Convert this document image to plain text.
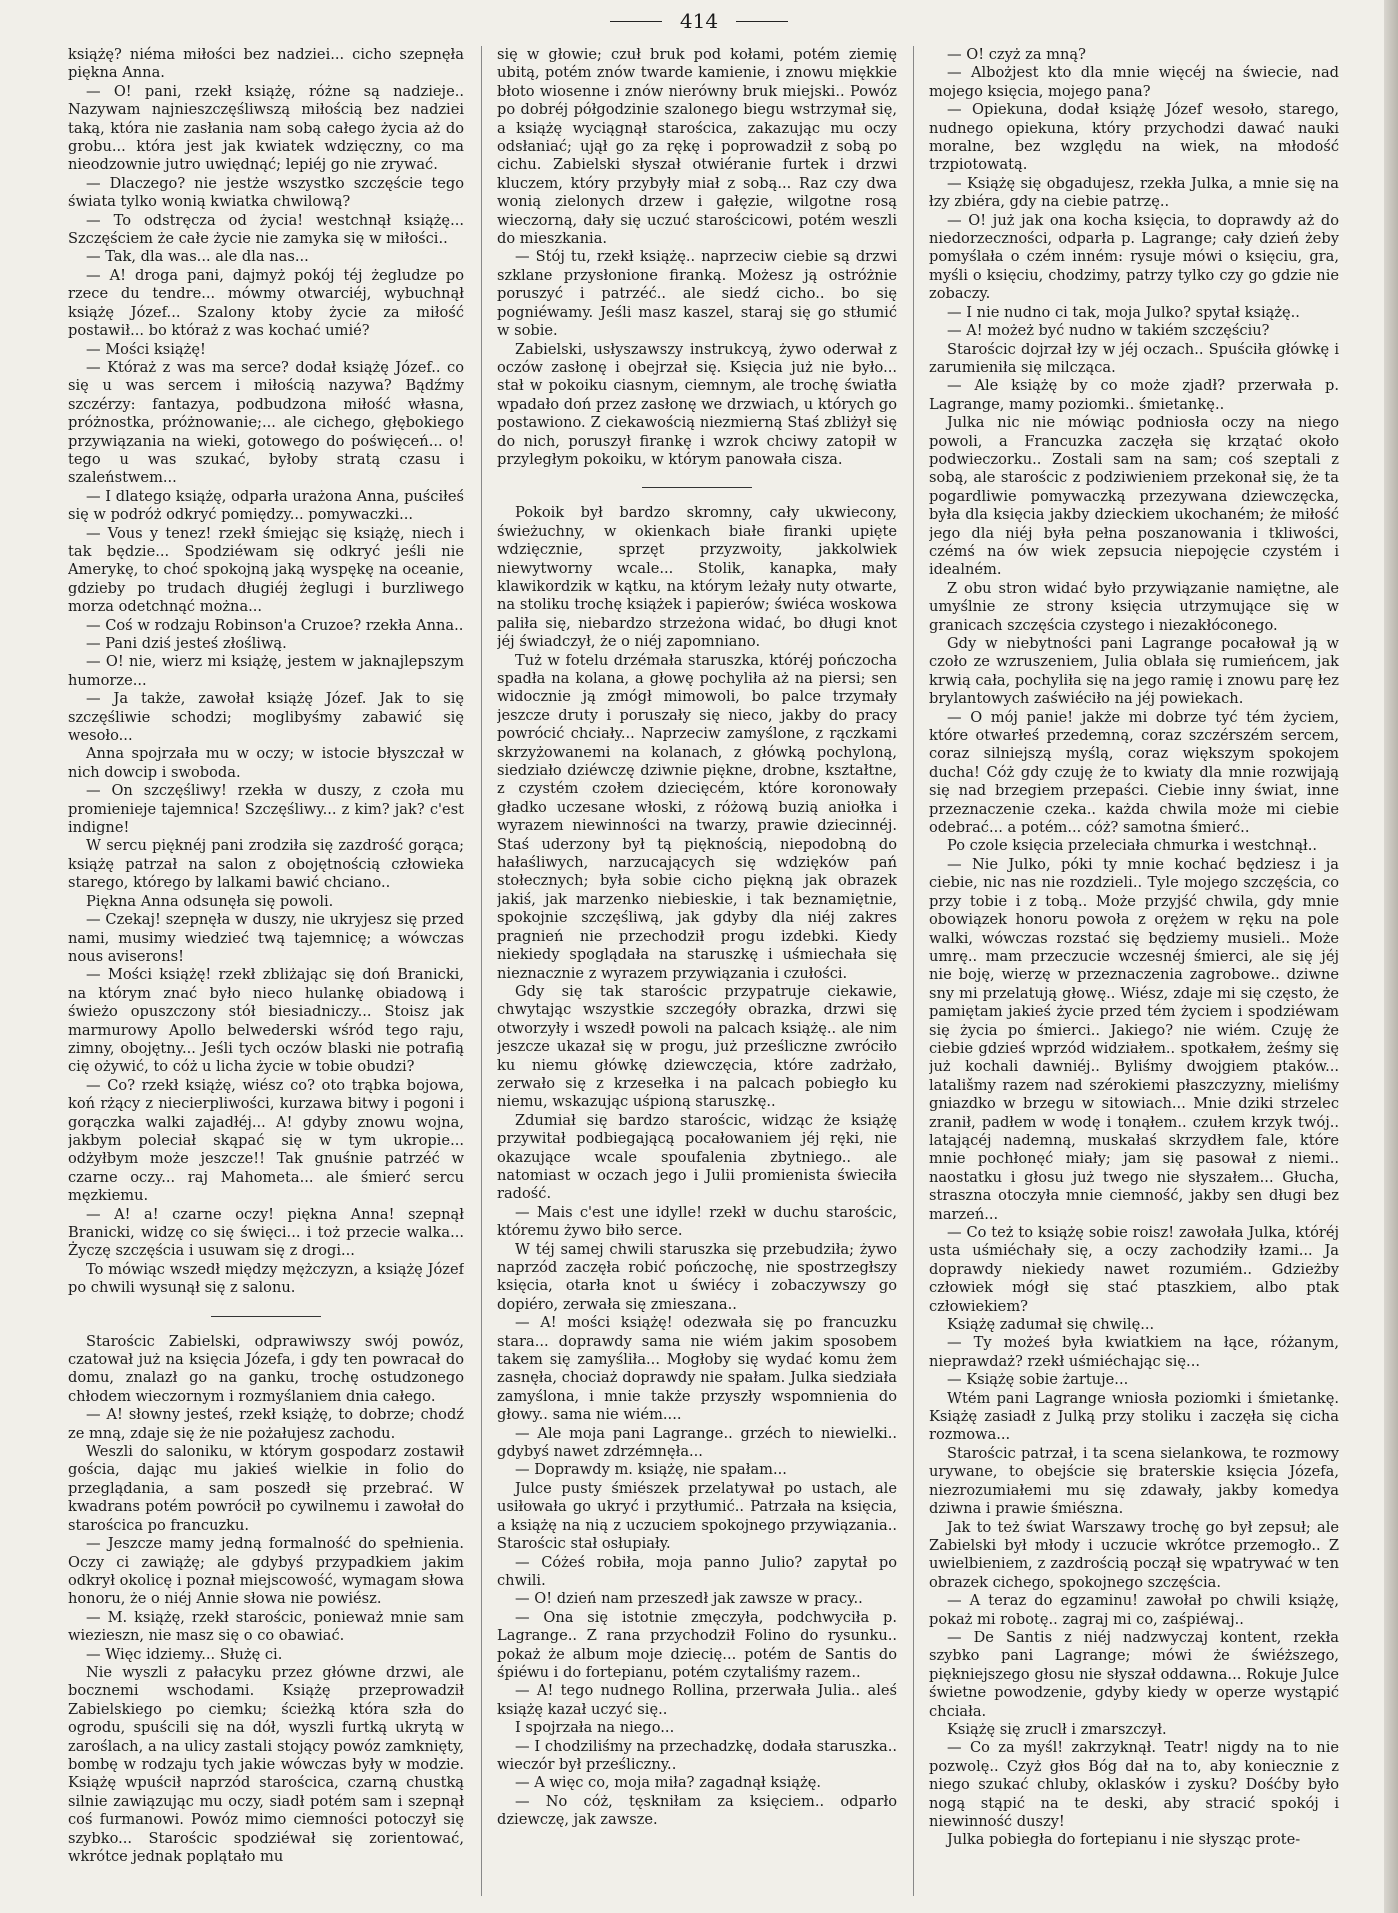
414

książę? niéma miłości bez nadziei... cicho szepnęła piękna Anna.

— O! pani, rzekł książę, różne są nadzieje.. Nazywam najnieszczęśliwszą miłością bez nadziei taką, która nie zasłania nam sobą całego życia aż do grobu... która jest jak kwiatek wdzięczny, co ma nieodzownie jutro uwiędnąć; lepiéj go nie zrywać.

— Dlaczego? nie jestże wszystko szczęście tego świata tylko wonią kwiatka chwilową?

— To odstręcza od życia! westchnął książę... Szczęściem że całe życie nie zamyka się w miłości..

— Tak, dla was... ale dla nas...

— A! droga pani, dajmyż pokój téj żegludze po rzece du tendre... mówmy otwarciéj, wybuchnął książę Józef... Szalony ktoby życie za miłość postawił... bo któraż z was kochać umié?

— Mości książę!

— Któraż z was ma serce? dodał książę Józef.. co się u was sercem i miłością nazywa? Bądźmy szczérzy: fantazya, podbudzona miłość własna, próżnostka, próżnowanie;... ale cichego, głębokiego przywiązania na wieki, gotowego do poświęceń... o! tego u was szukać, byłoby stratą czasu i szaleństwem...

— I dlatego książę, odparła urażona Anna, puściłeś się w podróż odkryć pomiędzy... pomywaczki...

— Vous y tenez! rzekł śmiejąc się książę, niech i tak będzie... Spodziéwam się odkryć jeśli nie Amerykę, to choć spokojną jaką wyspękę na oceanie, gdzieby po trudach długiéj żeglugi i burzliwego morza odetchnąć można...

— Coś w rodzaju Robinson'a Cruzoe? rzekła Anna..

— Pani dziś jesteś złośliwą.

— O! nie, wierz mi książę, jestem w jaknajlepszym humorze...

— Ja także, zawołał książę Józef. Jak to się szczęśliwie schodzi; moglibyśmy zabawić się wesoło...

Anna spojrzała mu w oczy; w istocie błyszczał w nich dowcip i swoboda.

— On szczęśliwy! rzekła w duszy, z czoła mu promienieje tajemnica! Szczęśliwy... z kim? jak? c'est indigne!

W sercu pięknéj pani zrodziła się zazdrość gorąca; książę patrzał na salon z obojętnością człowieka starego, którego by lalkami bawić chciano..

Piękna Anna odsunęła się powoli.

— Czekaj! szepnęła w duszy, nie ukryjesz się przed nami, musimy wiedzieć twą tajemnicę; a wówczas nous aviserons!

— Mości książę! rzekł zbliżając się doń Branicki, na którym znać było nieco hulankę obiadową i świeżo opuszczony stół biesiadniczy... Stoisz jak marmurowy Apollo belwederski wśród tego raju, zimny, obojętny... Jeśli tych oczów blaski nie potrafią cię ożywić, to cóż u licha życie w tobie obudzi?

— Co? rzekł książę, wiész co? oto trąbka bojowa, koń rżący z niecierpliwości, kurzawa bitwy i pogoni i gorączka walki zajadłéj... A! gdyby znowu wojna, jakbym poleciał skąpać się w tym ukropie... odżyłbym może jeszcze!! Tak gnuśnie patrzéć w czarne oczy... raj Mahometa... ale śmierć sercu męzkiemu.

— A! a! czarne oczy! piękna Anna! szepnął Branicki, widzę co się święci... i toż przecie walka... Życzę szczęścia i usuwam się z drogi...

To mówiąc wszedł między mężczyzn, a książę Józef po chwili wysunął się z salonu.

Starościc Zabielski, odprawiwszy swój powóz, czatował już na księcia Józefa, i gdy ten powracał do domu, znalazł go na ganku, trochę ostudzonego chłodem wieczornym i rozmyślaniem dnia całego.

— A! słowny jesteś, rzekł książę, to dobrze; chodź ze mną, zdaje się że nie pożałujesz zachodu.

Weszli do saloniku, w którym gospodarz zostawił gościa, dając mu jakieś wielkie in folio do przeglądania, a sam poszedł się przebrać. W kwadrans potém powrócił po cywilnemu i zawołał do starościca po francuzku.

— Jeszcze mamy jedną formalność do spełnienia. Oczy ci zawiążę; ale gdybyś przypadkiem jakim odkrył okolicę i poznał miejscowość, wymagam słowa honoru, że o niéj Annie słowa nie powiész.

— M. książę, rzekł starościc, ponieważ mnie sam wiezieszn, nie masz się o co obawiać.

— Więc idziemy... Służę ci.

Nie wyszli z pałacyku przez główne drzwi, ale bocznemi wschodami. Książę przeprowadził Zabielskiego po ciemku; ścieżką która szła do ogrodu, spuścili się na dół, wyszli furtką ukrytą w zaroślach, a na ulicy zastali stojący powóz zamknięty, bombę w rodzaju tych jakie wówczas były w modzie. Książę wpuścił naprzód starościca, czarną chustką silnie zawiązując mu oczy, siadł potém sam i szepnął coś furmanowi. Powóz mimo ciemności potoczył się szybko... Starościc spodziéwał się zorientować, wkrótce jednak poplątało mu

się w głowie; czuł bruk pod kołami, potém ziemię ubitą, potém znów twarde kamienie, i znowu miękkie błoto wiosenne i znów nierówny bruk miejski.. Powóz po dobréj półgodzinie szalonego biegu wstrzymał się, a książę wyciągnął starościca, zakazując mu oczy odsłaniać; ujął go za rękę i poprowadził z sobą po cichu. Zabielski słyszał otwiéranie furtek i drzwi kluczem, który przybyły miał z sobą... Raz czy dwa wonią zielonych drzew i gałęzie, wilgotne rosą wieczorną, dały się uczuć starościcowi, potém weszli do mieszkania.

— Stój tu, rzekł książę.. naprzeciw ciebie są drzwi szklane przysłonione firanką. Możesz ją ostróżnie poruszyć i patrzéć.. ale siedź cicho.. bo się pogniéwamy. Jeśli masz kaszel, staraj się go stłumić w sobie.

Zabielski, usłyszawszy instrukcyą, żywo oderwał z oczów zasłonę i obejrzał się. Księcia już nie było... stał w pokoiku ciasnym, ciemnym, ale trochę światła wpadało doń przez zasłonę we drzwiach, u których go postawiono. Z ciekawością niezmierną Staś zbliżył się do nich, poruszył firankę i wzrok chciwy zatopił w przyległym pokoiku, w którym panowała cisza.

Pokoik był bardzo skromny, cały ukwiecony, świeżuchny, w okienkach białe firanki upięte wdzięcznie, sprzęt przyzwoity, jakkolwiek niewytworny wcale... Stolik, kanapka, mały klawikordzik w kątku, na którym leżały nuty otwarte, na stoliku trochę książek i papierów; świéca woskowa paliła się, niebardzo strzeżona widać, bo długi knot jéj świadczył, że o niéj zapomniano.

Tuż w fotelu drzémała staruszka, któréj pończocha spadła na kolana, a głowę pochyliła aż na piersi; sen widocznie ją zmógł mimowoli, bo palce trzymały jeszcze druty i poruszały się nieco, jakby do pracy powrócić chciały... Naprzeciw zamyślone, z rączkami skrzyżowanemi na kolanach, z główką pochyloną, siedziało dziéwczę dziwnie piękne, drobne, kształtne, z czystém czołem dziecięcém, które koronowały gładko uczesane włoski, z różową buzią aniołka i wyrazem niewinności na twarzy, prawie dziecinnéj. Staś uderzony był tą pięknością, niepodobną do hałaśliwych, narzucających się wdzięków pań stołecznych; była sobie cicho piękną jak obrazek jakiś, jak marzenko niebieskie, i tak beznamiętnie, spokojnie szczęśliwą, jak gdyby dla niéj zakres pragnień nie przechodził progu izdebki. Kiedy niekiedy spoglądała na staruszkę i uśmiechała się nieznacznie z wyrazem przywiązania i czułości.

Gdy się tak starościc przypatruje ciekawie, chwytając wszystkie szczegóły obrazka, drzwi się otworzyły i wszedł powoli na palcach książę.. ale nim jeszcze ukazał się w progu, już prześliczne zwróciło ku niemu główkę dziewczęcia, które zadrżało, zerwało się z krzesełka i na palcach pobiegło ku niemu, wskazując uśpioną staruszkę..

Zdumiał się bardzo starościc, widząc że książę przywitał podbiegającą pocałowaniem jéj ręki, nie okazujące wcale spoufalenia zbytniego.. ale natomiast w oczach jego i Julii promienista świeciła radość.

— Mais c'est une idylle! rzekł w duchu starościc, któremu żywo biło serce.

W téj samej chwili staruszka się przebudziła; żywo naprzód zaczęła robić pończochę, nie spostrzegłszy księcia, otarła knot u świécy i zobaczywszy go dopiéro, zerwała się zmieszana..

— A! mości książę! odezwała się po francuzku stara... doprawdy sama nie wiém jakim sposobem takem się zamyśliła... Mogłoby się wydać komu żem zasnęła, chociaż doprawdy nie spałam. Julka siedziała zamyślona, i mnie także przyszły wspomnienia do głowy.. sama nie wiém....

— Ale moja pani Lagrange.. grzéch to niewielki.. gdybyś nawet zdrzémnęła...

— Doprawdy m. książę, nie spałam...

Julce pusty śmiészek przelatywał po ustach, ale usiłowała go ukryć i przytłumić.. Patrzała na księcia, a książę na nią z uczuciem spokojnego przywiązania.. Starościc stał osłupiały.

— Cóżeś robiła, moja panno Julio? zapytał po chwili.

— O! dzień nam przeszedł jak zawsze w pracy..

— Ona się istotnie zmęczyła, podchwyciła p. Lagrange.. Z rana przychodził Folino do rysunku.. pokaż że album moje dziecię... potém de Santis do śpiéwu i do fortepianu, potém czytaliśmy razem..

— A! tego nudnego Rollina, przerwała Julia.. aleś książę kazał uczyć się..

I spojrzała na niego...

— I chodziliśmy na przechadzkę, dodała staruszka.. wieczór był prześliczny..

— A więc co, moja miła? zagadnął książę.

— No cóż, tęskniłam za księciem.. odparło dziewczę, jak zawsze.

— O! czyż za mną?

— Albożjest kto dla mnie więcéj na świecie, nad mojego księcia, mojego pana?

— Opiekuna, dodał książę Józef wesoło, starego, nudnego opiekuna, który przychodzi dawać nauki moralne, bez względu na wiek, na młodość trzpiotowatą.

— Książę się obgadujesz, rzekła Julka, a mnie się na łzy zbiéra, gdy na ciebie patrzę..

— O! już jak ona kocha księcia, to doprawdy aż do niedorzeczności, odparła p. Lagrange; cały dzień żeby pomyślała o czém inném: rysuje mówi o księciu, gra, myśli o księciu, chodzimy, patrzy tylko czy go gdzie nie zobaczy.

— I nie nudno ci tak, moja Julko? spytał książę..

— A! możeż być nudno w takiém szczęściu?

Starościc dojrzał łzy w jéj oczach.. Spuściła główkę i zarumieniła się milcząca.

— Ale książę by co może zjadł? przerwała p. Lagrange, mamy poziomki.. śmietankę..

Julka nic nie mówiąc podniosła oczy na niego powoli, a Francuzka zaczęła się krzątać około podwieczorku.. Zostali sam na sam; coś szeptali z sobą, ale starościc z podziwieniem przekonał się, że ta pogardliwie pomywaczką przezywana dziewczęcka, była dla księcia jakby dzieckiem ukochaném; że miłość jego dla niéj była pełna poszanowania i tkliwości, czémś na ów wiek zepsucia niepojęcie czystém i idealném.

Z obu stron widać było przywiązanie namiętne, ale umyślnie ze strony księcia utrzymujące się w granicach szczęścia czystego i niezakłóconego.

Gdy w niebytności pani Lagrange pocałował ją w czoło ze wzruszeniem, Julia oblała się rumieńcem, jak krwią cała, pochyliła się na jego ramię i znowu parę łez brylantowych zaświéciło na jéj powiekach.

— O mój panie! jakże mi dobrze tyć tém życiem, które otwarłeś przedemną, coraz szczérszém sercem, coraz silniejszą myślą, coraz większym spokojem ducha! Cóż gdy czuję że to kwiaty dla mnie rozwijają się nad brzegiem przepaści. Ciebie inny świat, inne przeznaczenie czeka.. każda chwila może mi ciebie odebrać... a potém... cóż? samotna śmierć..

Po czole księcia przeleciała chmurka i westchnął..

— Nie Julko, póki ty mnie kochać będziesz i ja ciebie, nic nas nie rozdzieli.. Tyle mojego szczęścia, co przy tobie i z tobą.. Może przyjść chwila, gdy mnie obowiązek honoru powoła z orężem w ręku na pole walki, wówczas rozstać się będziemy musieli.. Może umrę.. mam przeczucie wczesnéj śmierci, ale się jéj nie boję, wierzę w przeznaczenia zagrobowe.. dziwne sny mi przelatują głowę.. Wiész, zdaje mi się często, że pamiętam jakieś życie przed tém życiem i spodziéwam się życia po śmierci.. Jakiego? nie wiém. Czuję że ciebie gdzieś wprzód widziałem.. spotkałem, żeśmy się już kochali dawniéj.. Byliśmy dwojgiem ptaków... latališmy razem nad szérokiemi płaszczyzny, mieliśmy gniazdko w brzegu w sitowiach... Mnie dziki strzelec zranił, padłem w wodę i tonąłem.. czułem krzyk twój.. latającéj nademną, muskałaś skrzydłem fale, które mnie pochłonęć miały; jam się pasował z niemi.. naostatku i głosu już twego nie słyszałem... Głucha, straszna otoczyła mnie ciemność, jakby sen długi bez marzeń...

— Co też to książę sobie roisz! zawołała Julka, któréj usta uśmiéchały się, a oczy zachodziły łzami... Ja doprawdy niekiedy nawet rozumiém.. Gdzieżby człowiek mógł się stać ptaszkiem, albo ptak człowiekiem?

Książę zadumał się chwilę...

— Ty możeś była kwiatkiem na łące, różanym, nieprawdaż? rzekł uśmiéchając się...

— Książę sobie żartuje...

Wtém pani Lagrange wniosła poziomki i śmietankę. Książę zasiadł z Julką przy stoliku i zaczęła się cicha rozmowa...

Starościc patrzał, i ta scena sielankowa, te rozmowy urywane, to obejście się braterskie księcia Józefa, niezrozumiałemi mu się zdawały, jakby komedya dziwna i prawie śmiészna.

Jak to też świat Warszawy trochę go był zepsuł; ale Zabielski był młody i uczucie wkrótce przemogło.. Z uwielbieniem, z zazdrością począł się wpatrywać w ten obrazek cichego, spokojnego szczęścia.

— A teraz do egzaminu! zawołał po chwili książę, pokaż mi robotę.. zagraj mi co, zaśpiéwaj..

— De Santis z niéj nadzwyczaj kontent, rzekła szybko pani Lagrange; mówi że świéższego, piękniejszego głosu nie słyszał oddawna... Rokuje Julce świetne powodzenie, gdyby kiedy w operze wystąpić chciała.

Książę się zruclł i zmarszczył.

— Co za myśl! zakrzyknął. Teatr! nigdy na to nie pozwolę.. Czyż głos Bóg dał na to, aby koniecznie z niego szukać chluby, oklasków i zysku? Dośćby było nogą stąpić na te deski, aby stracić spokój i niewinność duszy!

Julka pobiegła do fortepianu i nie słysząc prote-
